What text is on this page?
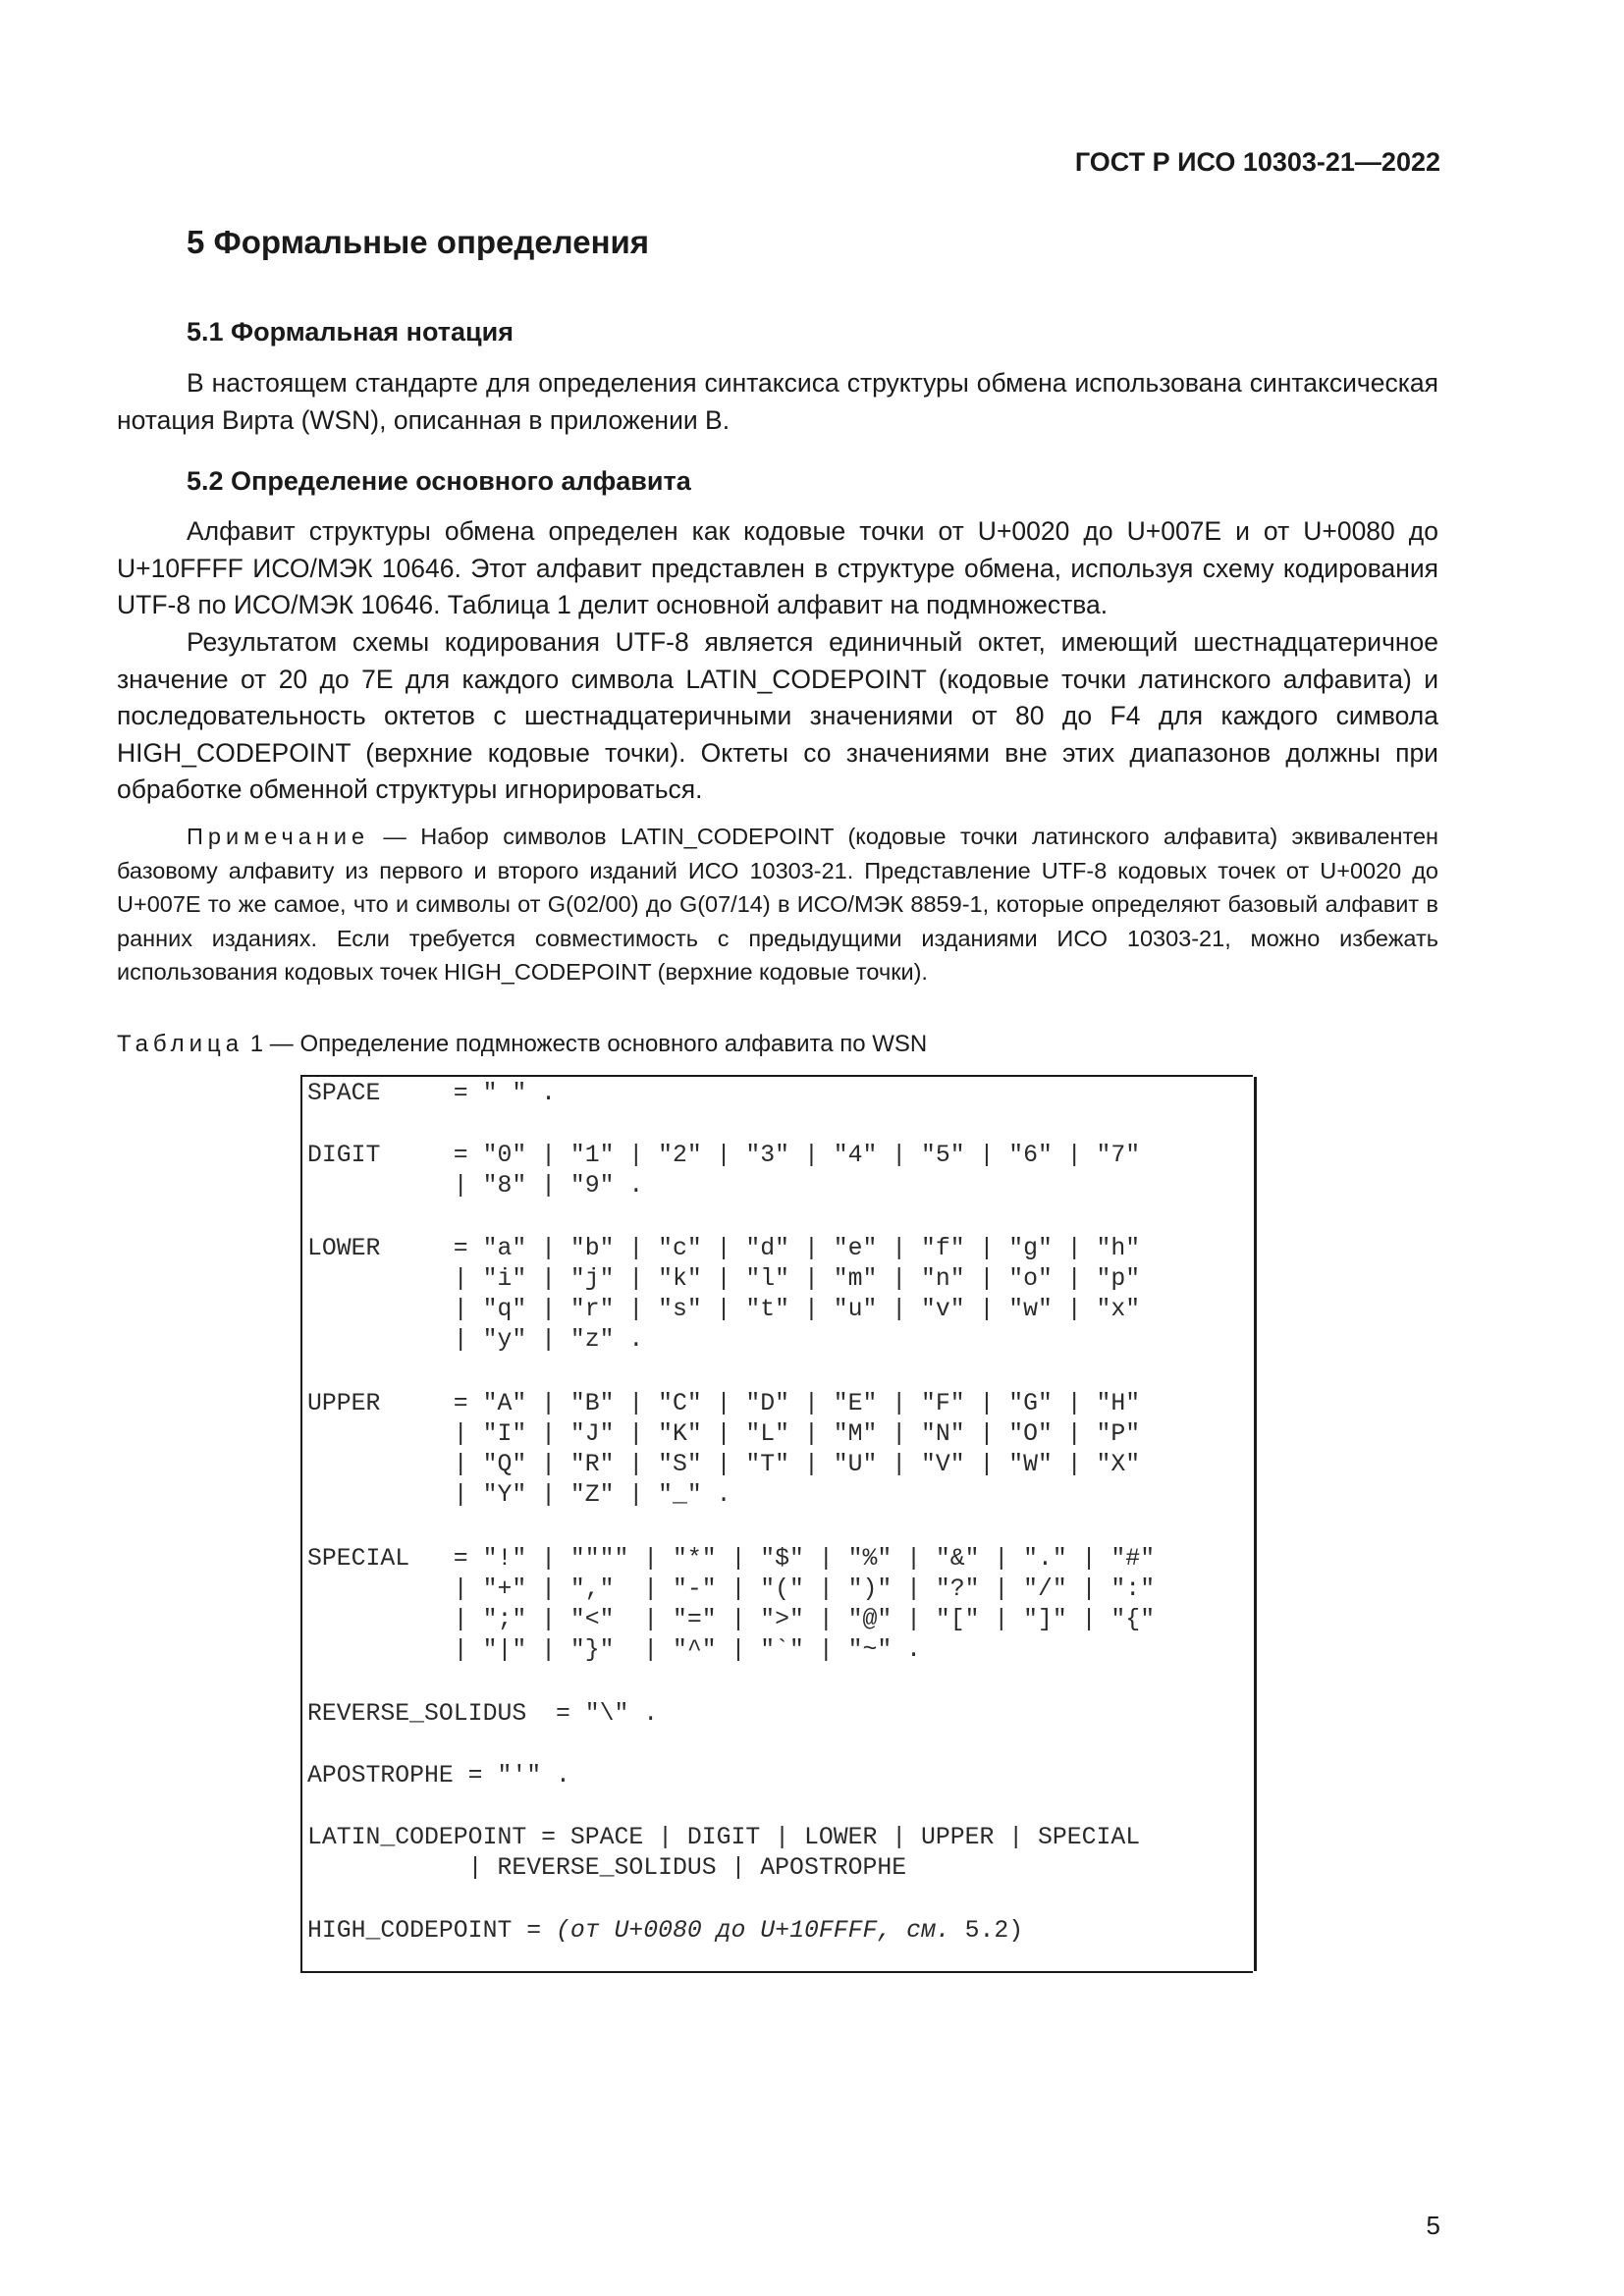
ГОСТ Р ИСО 10303-21—2022
5 Формальные определения
5.1 Формальная нотация

В настоящем стандарте для определения синтаксиса структуры обмена использована синтаксическая нотация Вирта (WSN), описанная в приложении В.

5.2 Определение основного алфавита

Алфавит структуры обмена определен как кодовые точки от U+0020 до U+007E и от U+0080 до U+10FFFF ИСО/МЭК 10646. Этот алфавит представлен в структуре обмена, используя схему кодирования UTF-8 по ИСО/МЭК 10646. Таблица 1 делит основной алфавит на подмножества.

Результатом схемы кодирования UTF-8 является единичный октет, имеющий шестнадцатеричное значение от 20 до 7E для каждого символа LATIN_CODEPOINT (кодовые точки латинского алфавита) и последовательность октетов с шестнадцатеричными значениями от 80 до F4 для каждого символа HIGH_CODEPOINT (верхние кодовые точки). Октеты со значениями вне этих диапазонов должны при обработке обменной структуры игнорироваться.

Примечание — Набор символов LATIN_CODEPOINT (кодовые точки латинского алфавита) эквивалентен базовому алфавиту из первого и второго изданий ИСО 10303-21. Представление UTF-8 кодовых точек от U+0020 до U+007E то же самое, что и символы от G(02/00) до G(07/14) в ИСО/МЭК 8859-1, которые определяют базовый алфавит в ранних изданиях. Если требуется совместимость с предыдущими изданиями ИСО 10303-21, можно избежать использования кодовых точек HIGH_CODEPOINT (верхние кодовые точки).

Таблица 1 — Определение подмножеств основного алфавита по WSN
SPACE     = " " .
DIGIT     = "0" | "1" | "2" | "3" | "4" | "5" | "6" | "7"
| "8" | "9" .
LOWER     = "a" | "b" | "c" | "d" | "e" | "f" | "g" | "h"
| "i" | "j" | "k" | "l" | "m" | "n" | "o" | "p"
| "q" | "r" | "s" | "t" | "u" | "v" | "w" | "x"
| "y" | "z" .
UPPER     = "A" | "B" | "C" | "D" | "E" | "F" | "G" | "H"
| "I" | "J" | "K" | "L" | "M" | "N" | "O" | "P"
| "Q" | "R" | "S" | "T" | "U" | "V" | "W" | "X"
| "Y" | "Z" | "_" .
SPECIAL   = "!" | """" | "*" | "$" | "%" | "&" | "." | "#"
| "+" | ","  | "-" | "(" | ")" | "?" | "/" | ":"
| ";" | "<"  | "=" | ">" | "@" | "[" | "]" | "{"
| "|" | "}"  | "^" | "`" | "~" .
REVERSE_SOLIDUS  = "\" .
APOSTROPHE = "'" .
LATIN_CODEPOINT = SPACE | DIGIT | LOWER | UPPER | SPECIAL
| REVERSE_SOLIDUS | APOSTROPHE
HIGH_CODEPOINT = (от U+0080 до U+10FFFF, см. 5.2)
5
